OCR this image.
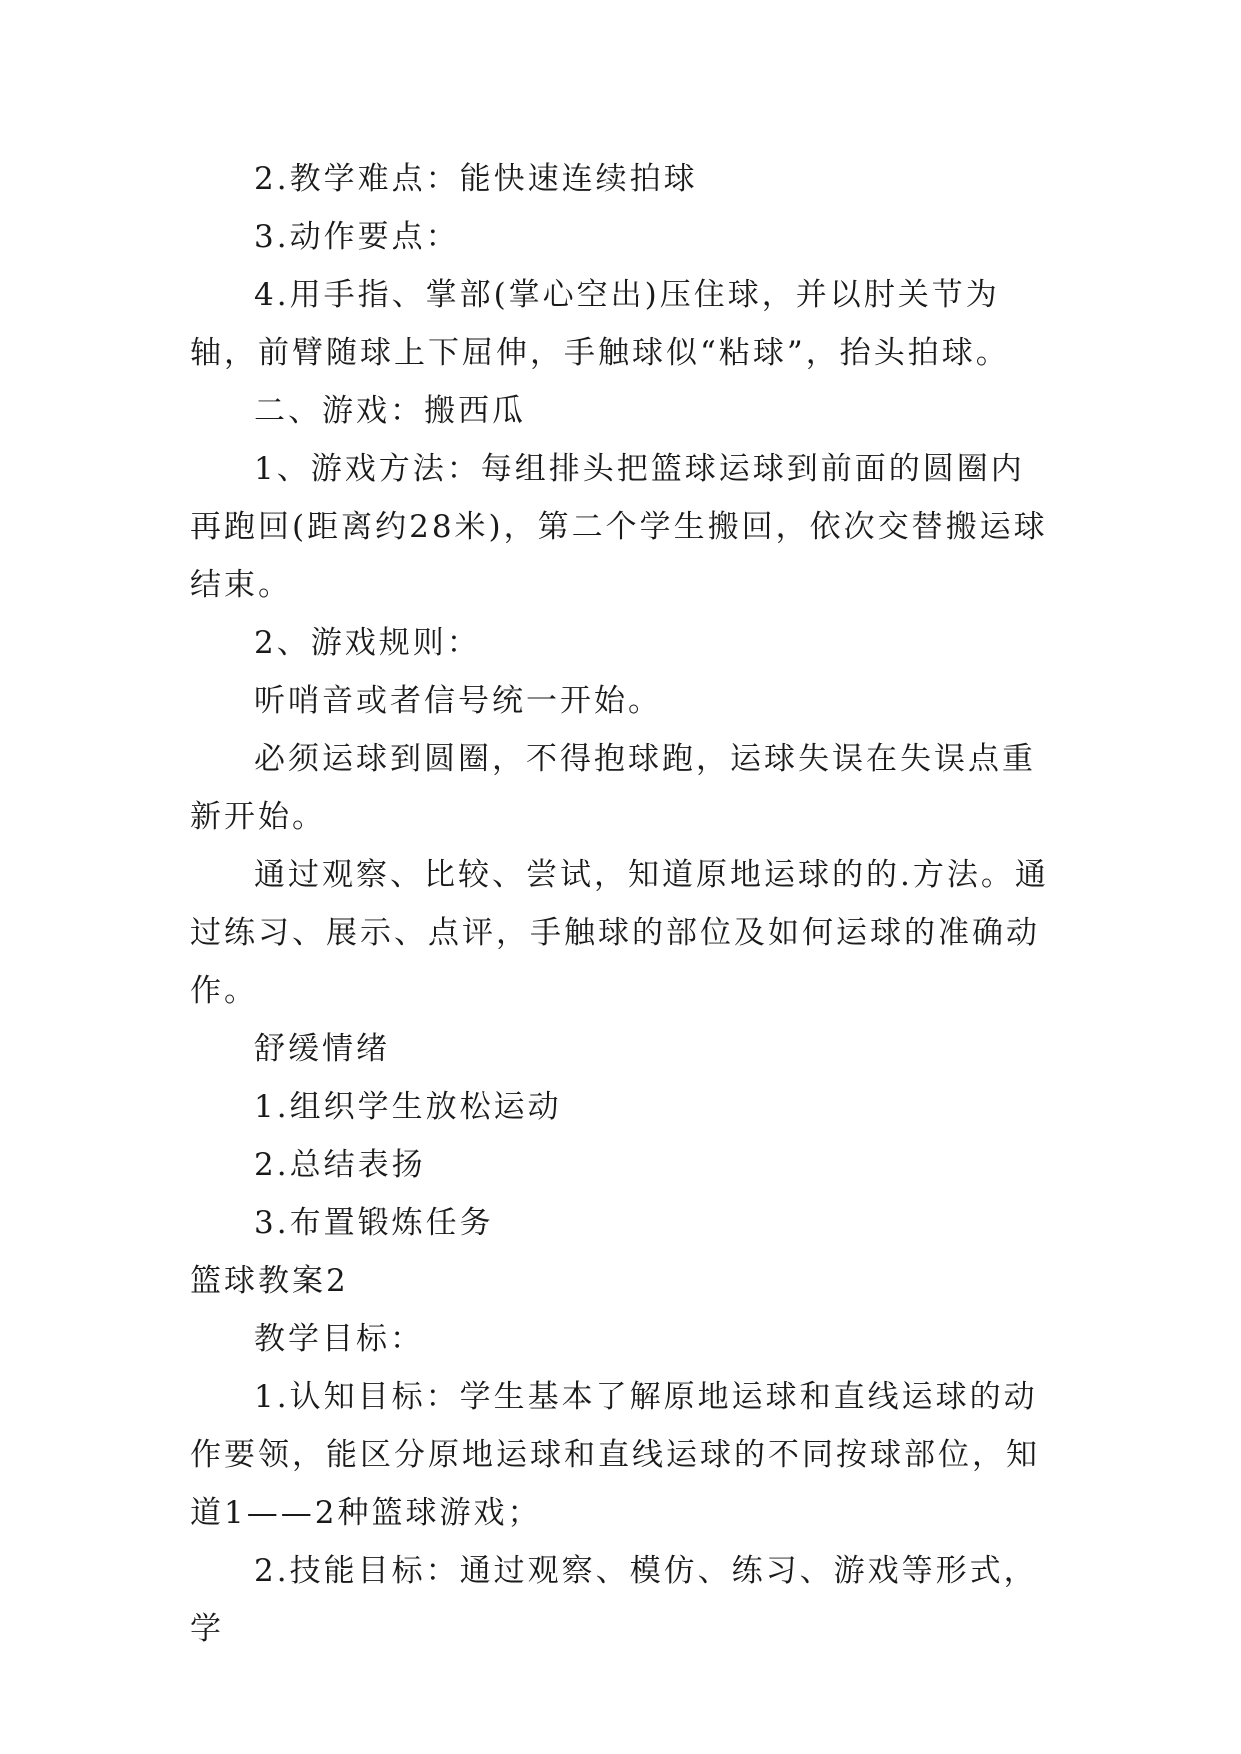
2.教学难点：能快速连续拍球

3.动作要点：

4.用手指、掌部(掌心空出)压住球，并以肘关节为轴，前臂随球上下屈伸，手触球似“粘球”，抬头拍球。

二、游戏：搬西瓜

1、游戏方法：每组排头把篮球运球到前面的圆圈内再跑回(距离约28米)，第二个学生搬回，依次交替搬运球结束。

2、游戏规则：

听哨音或者信号统一开始。

必须运球到圆圈，不得抱球跑，运球失误在失误点重新开始。

通过观察、比较、尝试，知道原地运球的的.方法。通过练习、展示、点评，手触球的部位及如何运球的准确动作。

舒缓情绪

1.组织学生放松运动

2.总结表扬

3.布置锻炼任务

篮球教案2

教学目标：

1.认知目标：学生基本了解原地运球和直线运球的动作要领，能区分原地运球和直线运球的不同按球部位，知道1——2种篮球游戏；

2.技能目标：通过观察、模仿、练习、游戏等形式，学
